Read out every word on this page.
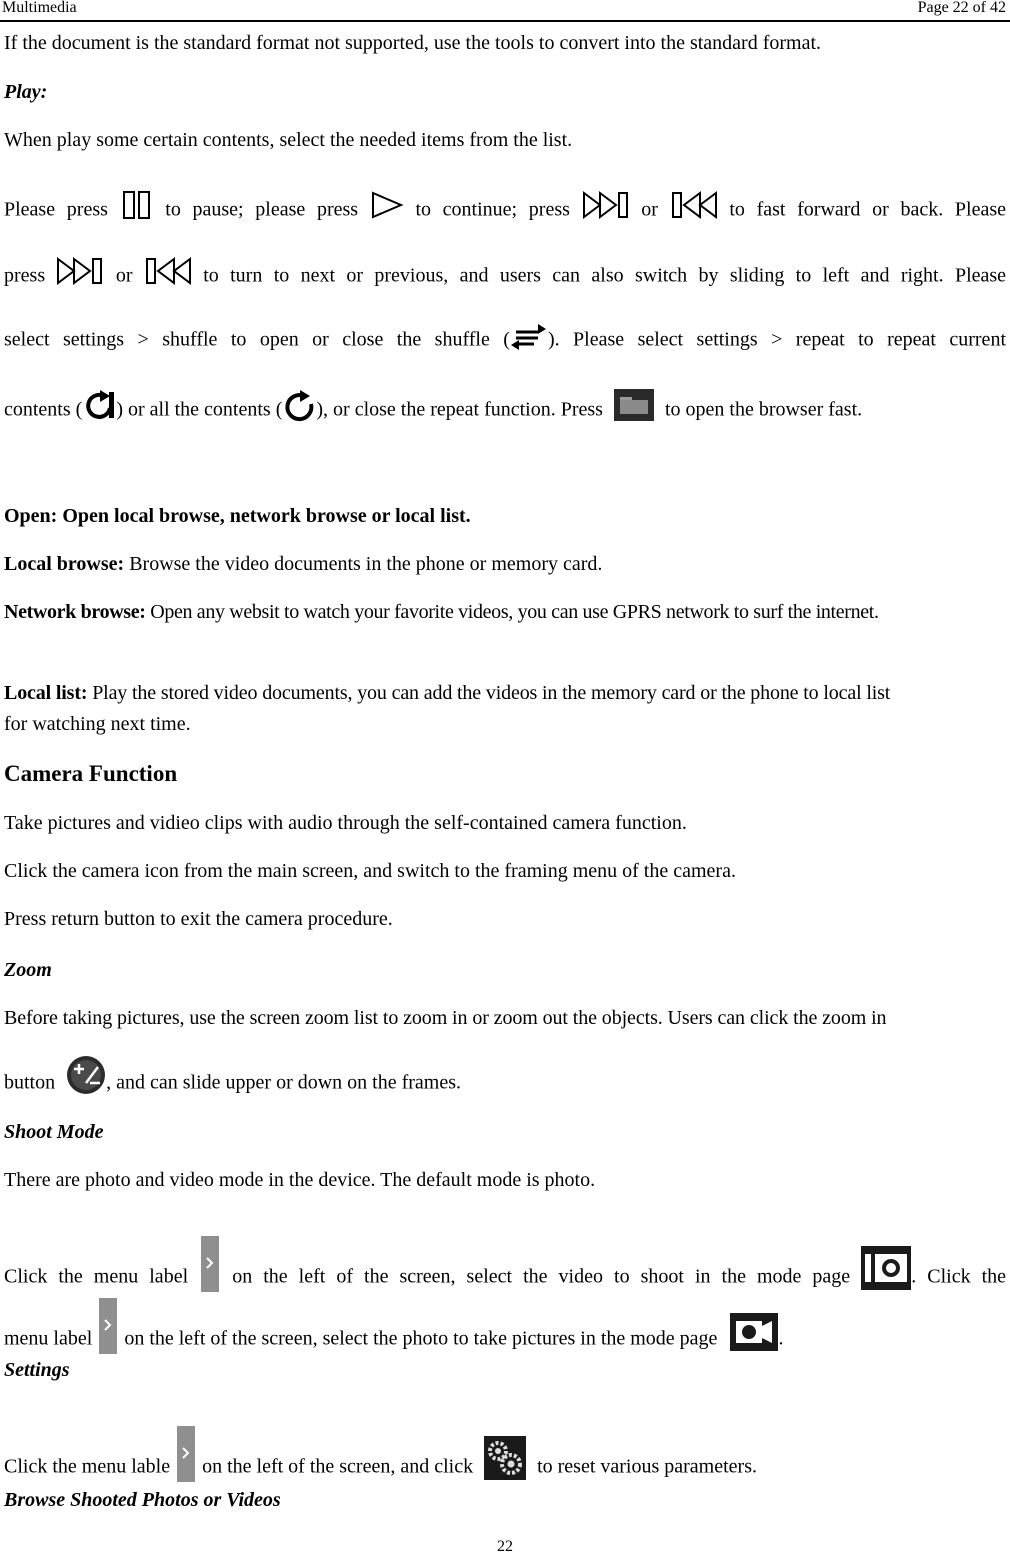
Multimedia	Page 22 of 42
If the document is the standard format not supported, use the tools to convert into the standard format.
Play:
When play some certain contents, select the needed items from the list.
Please press	to pause; please press	to continue; press	or	to fast forward or back. Please
press	or	to turn to next or previous, and users can also switch by sliding to left and right. Please
select settings > shuffle to open or close the shuffle ( ). Please select settings > repeat to repeat current
contents ( ) or all the contents ( ), or close the repeat function. Press	to open the browser fast.
Open: Open local browse, network browse or local list.
Local browse: Browse the video documents in the phone or memory card.
Network browse: Open any websit to watch your favorite videos, you can use GPRS network to surf the internet.
Local list: Play the stored video documents, you can add the videos in the memory card or the phone to local list
for watching next time.
Camera Function
Take pictures and vidieo clips with audio through the self-contained camera function.
Click the camera icon from the main screen, and switch to the framing menu of the camera.
Press return button to exit the camera procedure.
Zoom
Before taking pictures, use the screen zoom list to zoom in or zoom out the objects. Users can click the zoom in
button	, and can slide upper or down on the frames.
Shoot Mode
There are photo and video mode in the device. The default mode is photo.
Click the menu label on the left of the screen, select the video to shoot in the mode page	. Click the
menu label on the left of the screen, select the photo to take pictures in the mode page	.
Settings
Click the menu lable on the left of the screen, and click	to reset various parameters.
Browse Shooted Photos or Videos
22
